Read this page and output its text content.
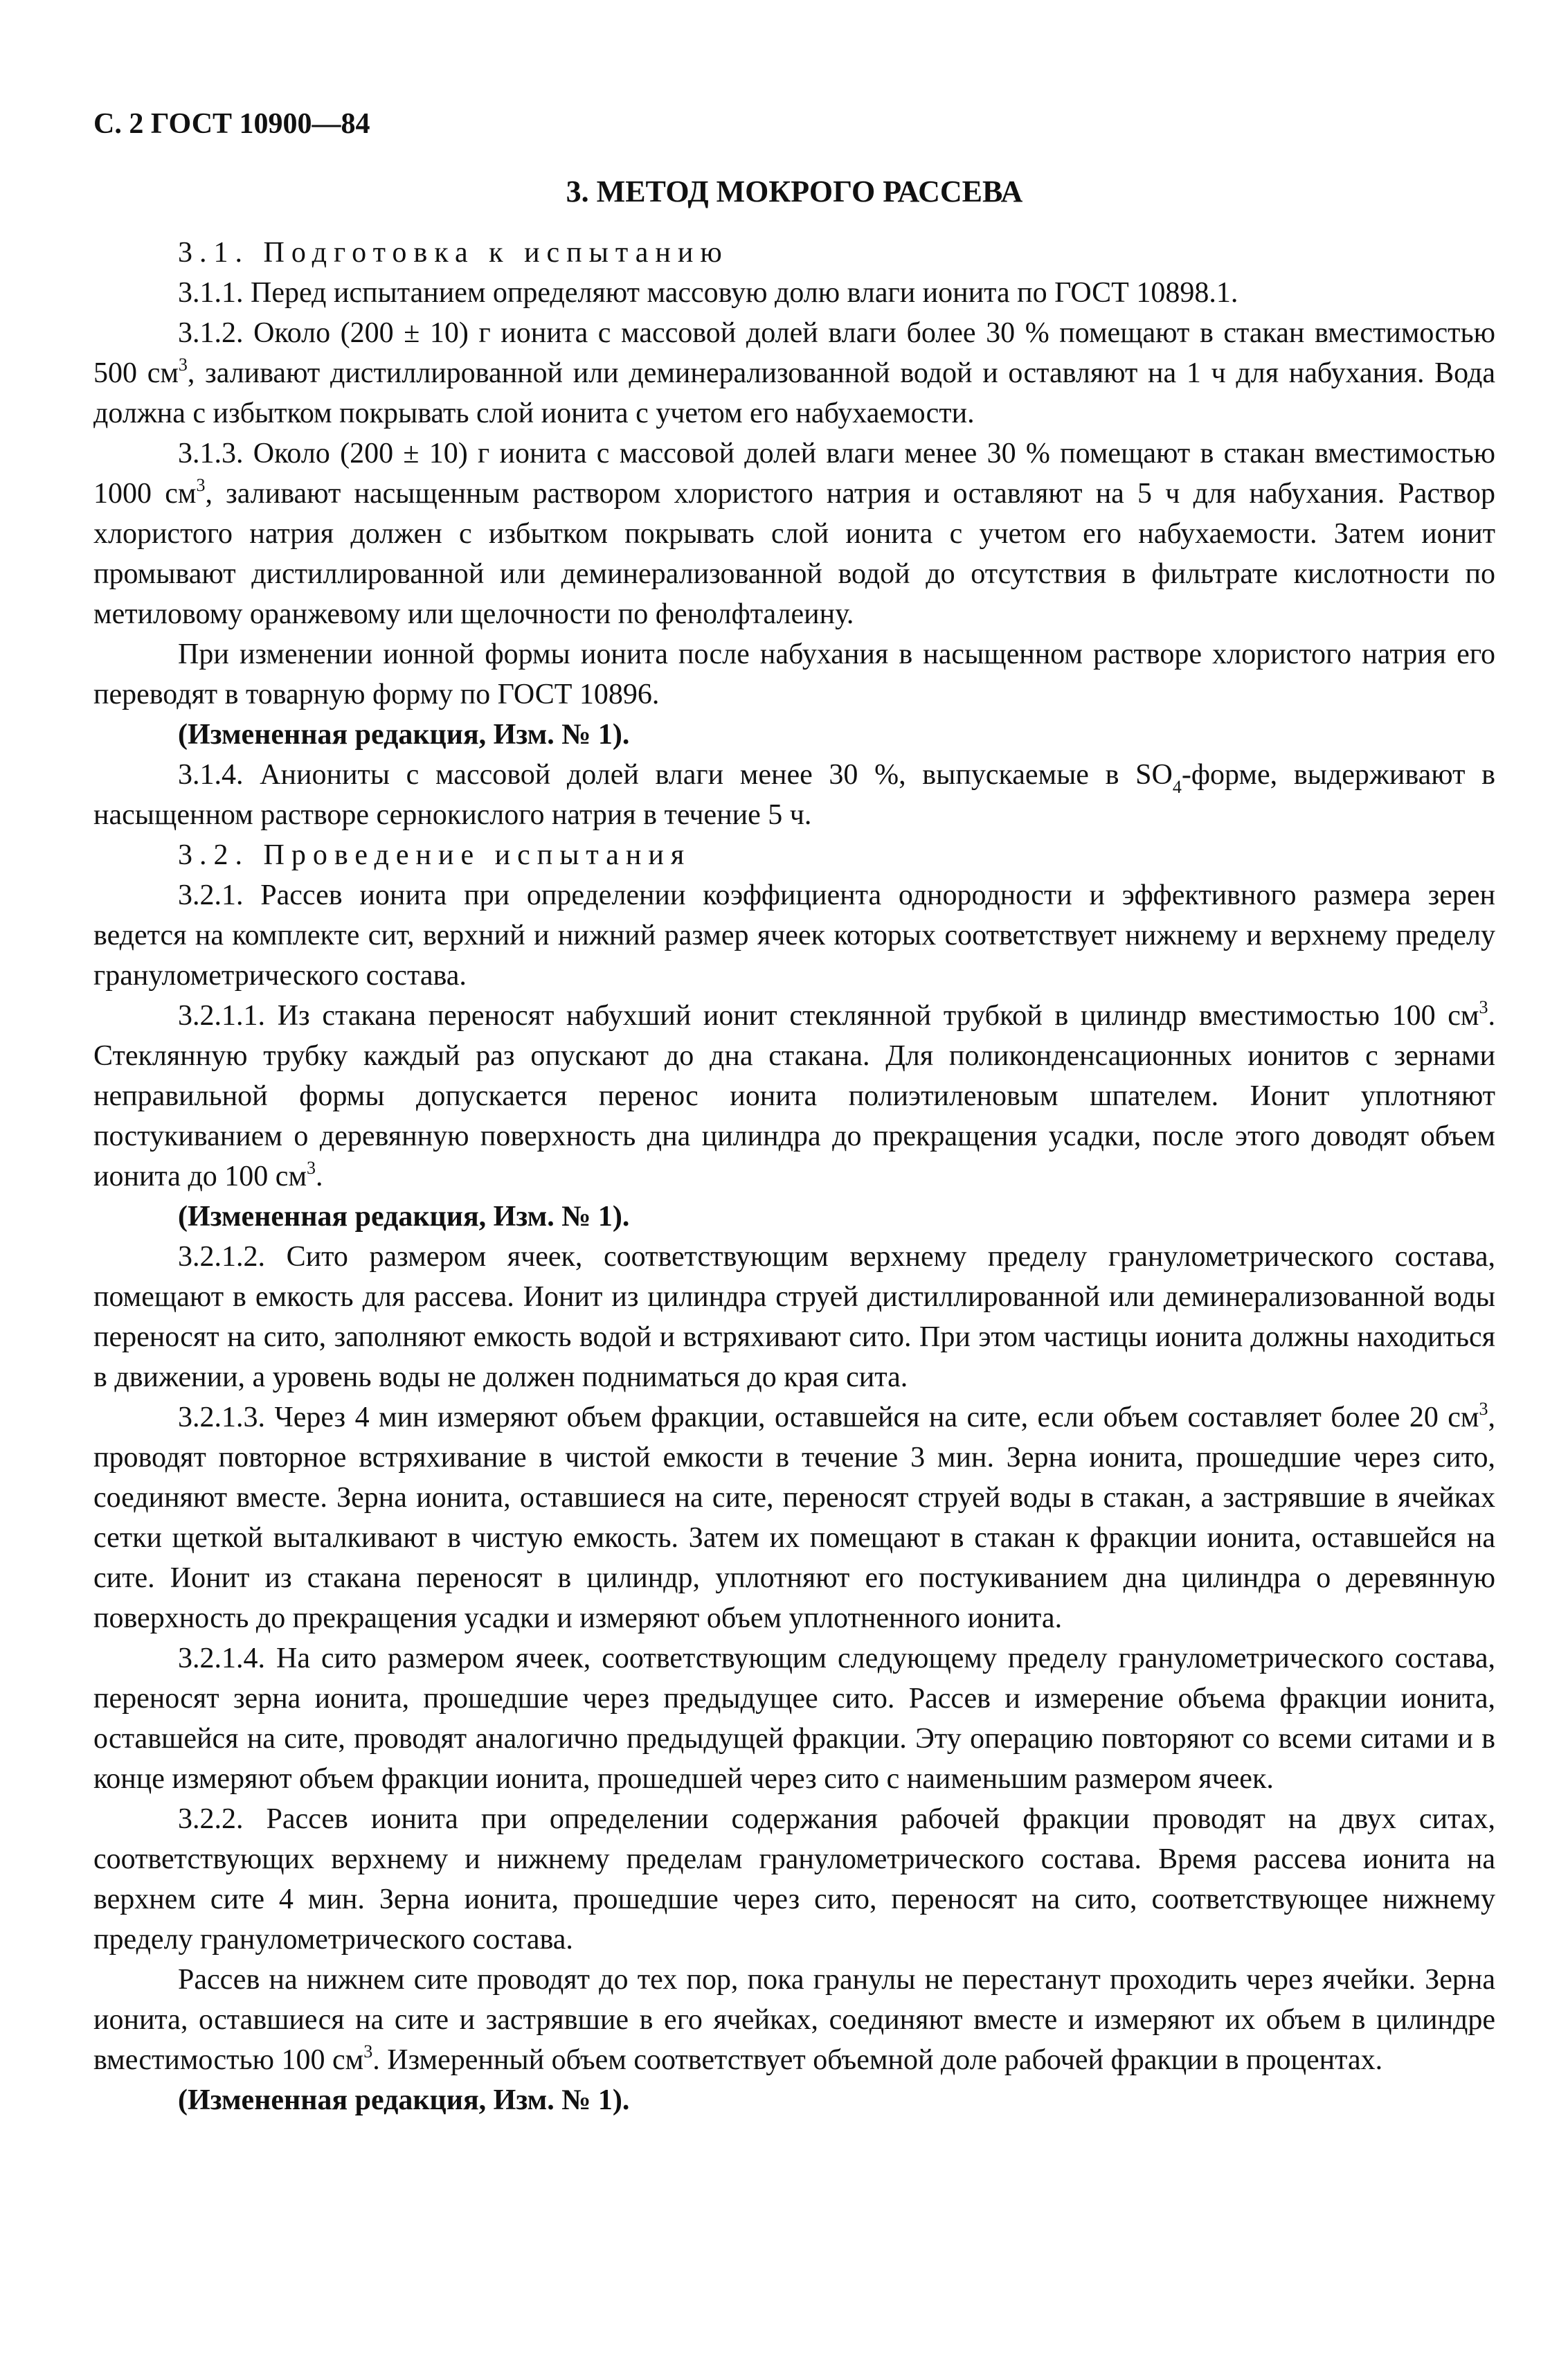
С. 2 ГОСТ 10900—84
3. МЕТОД МОКРОГО РАССЕВА

3.1. Подготовка к испытанию

3.1.1. Перед испытанием определяют массовую долю влаги ионита по ГОСТ 10898.1.

3.1.2. Около (200 ± 10) г ионита с массовой долей влаги более 30 % помещают в стакан вместимостью 500 $см^3$, заливают дистиллированной или деминерализованной водой и оставляют на 1 ч для набухания. Вода должна с избытком покрывать слой ионита с учетом его набухаемости.

3.1.3. Около (200 ± 10) г ионита с массовой долей влаги менее 30 % помещают в стакан вместимостью 1000 $см^3$, заливают насыщенным раствором хлористого натрия и оставляют на 5 ч для набухания. Раствор хлористого натрия должен с избытком покрывать слой ионита с учетом его набухаемости. Затем ионит промывают дистиллированной или деминерализованной водой до отсутствия в фильтрате кислотности по метиловому оранжевому или щелочности по фенолфталеину.

При изменении ионной формы ионита после набухания в насыщенном растворе хлористого натрия его переводят в товарную форму по ГОСТ 10896.

(Измененная редакция, Изм. № 1).

3.1.4. Аниониты с массовой долей влаги менее 30 %, выпускаемые в $SO_4$-форме, выдерживают в насыщенном растворе сернокислого натрия в течение 5 ч.

3.2. Проведение испытания

3.2.1. Рассев ионита при определении коэффициента однородности и эффективного размера зерен ведется на комплекте сит, верхний и нижний размер ячеек которых соответствует нижнему и верхнему пределу гранулометрического состава.

3.2.1.1. Из стакана переносят набухший ионит стеклянной трубкой в цилиндр вместимостью 100 $см^3$. Стеклянную трубку каждый раз опускают до дна стакана. Для поликонденсационных ионитов с зернами неправильной формы допускается перенос ионита полиэтиленовым шпателем. Ионит уплотняют постукиванием о деревянную поверхность дна цилиндра до прекращения усадки, после этого доводят объем ионита до 100 $см^3$.

(Измененная редакция, Изм. № 1).

3.2.1.2. Сито размером ячеек, соответствующим верхнему пределу гранулометрического состава, помещают в емкость для рассева. Ионит из цилиндра струей дистиллированной или деминерализованной воды переносят на сито, заполняют емкость водой и встряхивают сито. При этом частицы ионита должны находиться в движении, а уровень воды не должен подниматься до края сита.

3.2.1.3. Через 4 мин измеряют объем фракции, оставшейся на сите, если объем составляет более 20 $см^3$, проводят повторное встряхивание в чистой емкости в течение 3 мин. Зерна ионита, прошедшие через сито, соединяют вместе. Зерна ионита, оставшиеся на сите, переносят струей воды в стакан, а застрявшие в ячейках сетки щеткой выталкивают в чистую емкость. Затем их помещают в стакан к фракции ионита, оставшейся на сите. Ионит из стакана переносят в цилиндр, уплотняют его постукиванием дна цилиндра о деревянную поверхность до прекращения усадки и измеряют объем уплотненного ионита.

3.2.1.4. На сито размером ячеек, соответствующим следующему пределу гранулометрического состава, переносят зерна ионита, прошедшие через предыдущее сито. Рассев и измерение объема фракции ионита, оставшейся на сите, проводят аналогично предыдущей фракции. Эту операцию повторяют со всеми ситами и в конце измеряют объем фракции ионита, прошедшей через сито с наименьшим размером ячеек.

3.2.2. Рассев ионита при определении содержания рабочей фракции проводят на двух ситах, соответствующих верхнему и нижнему пределам гранулометрического состава. Время рассева ионита на верхнем сите 4 мин. Зерна ионита, прошедшие через сито, переносят на сито, соответствующее нижнему пределу гранулометрического состава.

Рассев на нижнем сите проводят до тех пор, пока гранулы не перестанут проходить через ячейки. Зерна ионита, оставшиеся на сите и застрявшие в его ячейках, соединяют вместе и измеряют их объем в цилиндре вместимостью 100 $см^3$. Измеренный объем соответствует объемной доле рабочей фракции в процентах.

(Измененная редакция, Изм. № 1).
